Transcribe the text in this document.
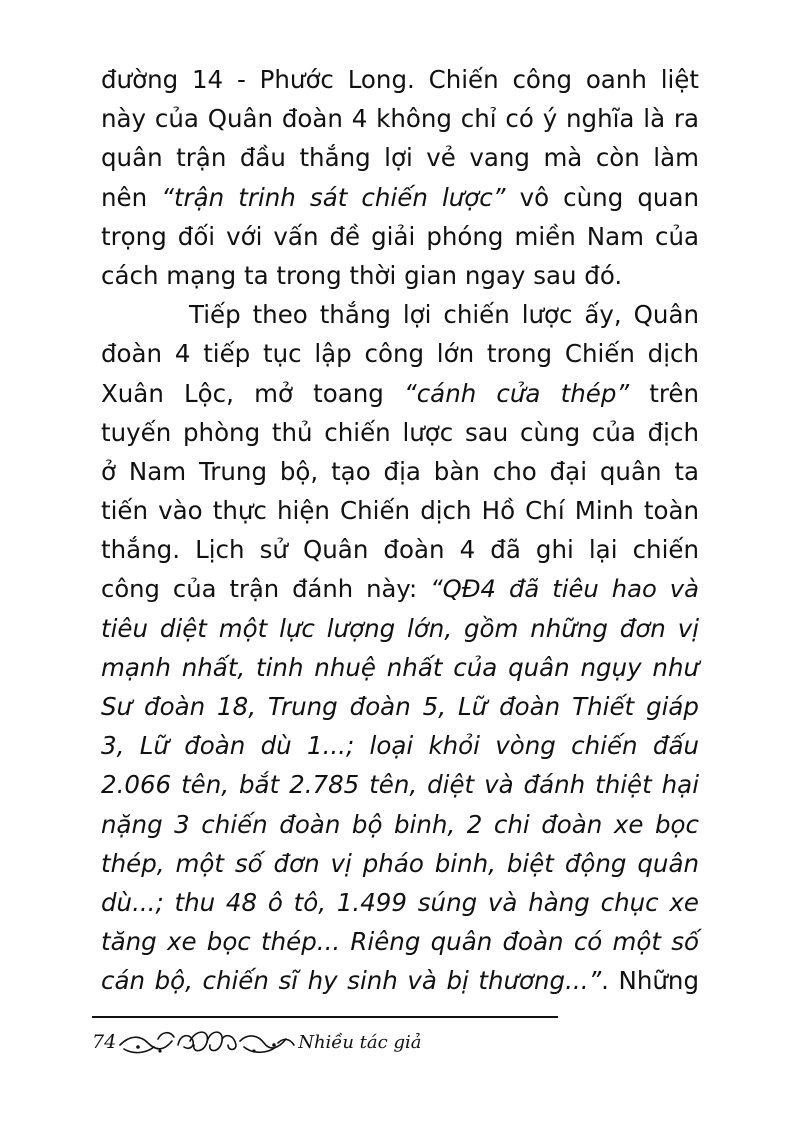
đường 14 - Phước Long. Chiến công oanh liệt
này của Quân đoàn 4 không chỉ có ý nghĩa là ra
quân trận đầu thắng lợi vẻ vang mà còn làm
nên “trận trinh sát chiến lược” vô cùng quan
trọng đối với vấn đề giải phóng miền Nam của
cách mạng ta trong thời gian ngay sau đó.
Tiếp theo thắng lợi chiến lược ấy, Quân
đoàn 4 tiếp tục lập công lớn trong Chiến dịch
Xuân Lộc, mở toang “cánh cửa thép” trên
tuyến phòng thủ chiến lược sau cùng của địch
ở Nam Trung bộ, tạo địa bàn cho đại quân ta
tiến vào thực hiện Chiến dịch Hồ Chí Minh toàn
thắng. Lịch sử Quân đoàn 4 đã ghi lại chiến
công của trận đánh này: “QĐ4 đã tiêu hao và
tiêu diệt một lực lượng lớn, gồm những đơn vị
mạnh nhất, tinh nhuệ nhất của quân ngụy như
Sư đoàn 18, Trung đoàn 5, Lữ đoàn Thiết giáp
3, Lữ đoàn dù 1...; loại khỏi vòng chiến đấu
2.066 tên, bắt 2.785 tên, diệt và đánh thiệt hại
nặng 3 chiến đoàn bộ binh, 2 chi đoàn xe bọc
thép, một số đơn vị pháo binh, biệt động quân
dù...; thu 48 ô tô, 1.499 súng và hàng chục xe
tăng xe bọc thép... Riêng quân đoàn có một số
cán bộ, chiến sĩ hy sinh và bị thương...”. Những
74	Nhiều tác giả
